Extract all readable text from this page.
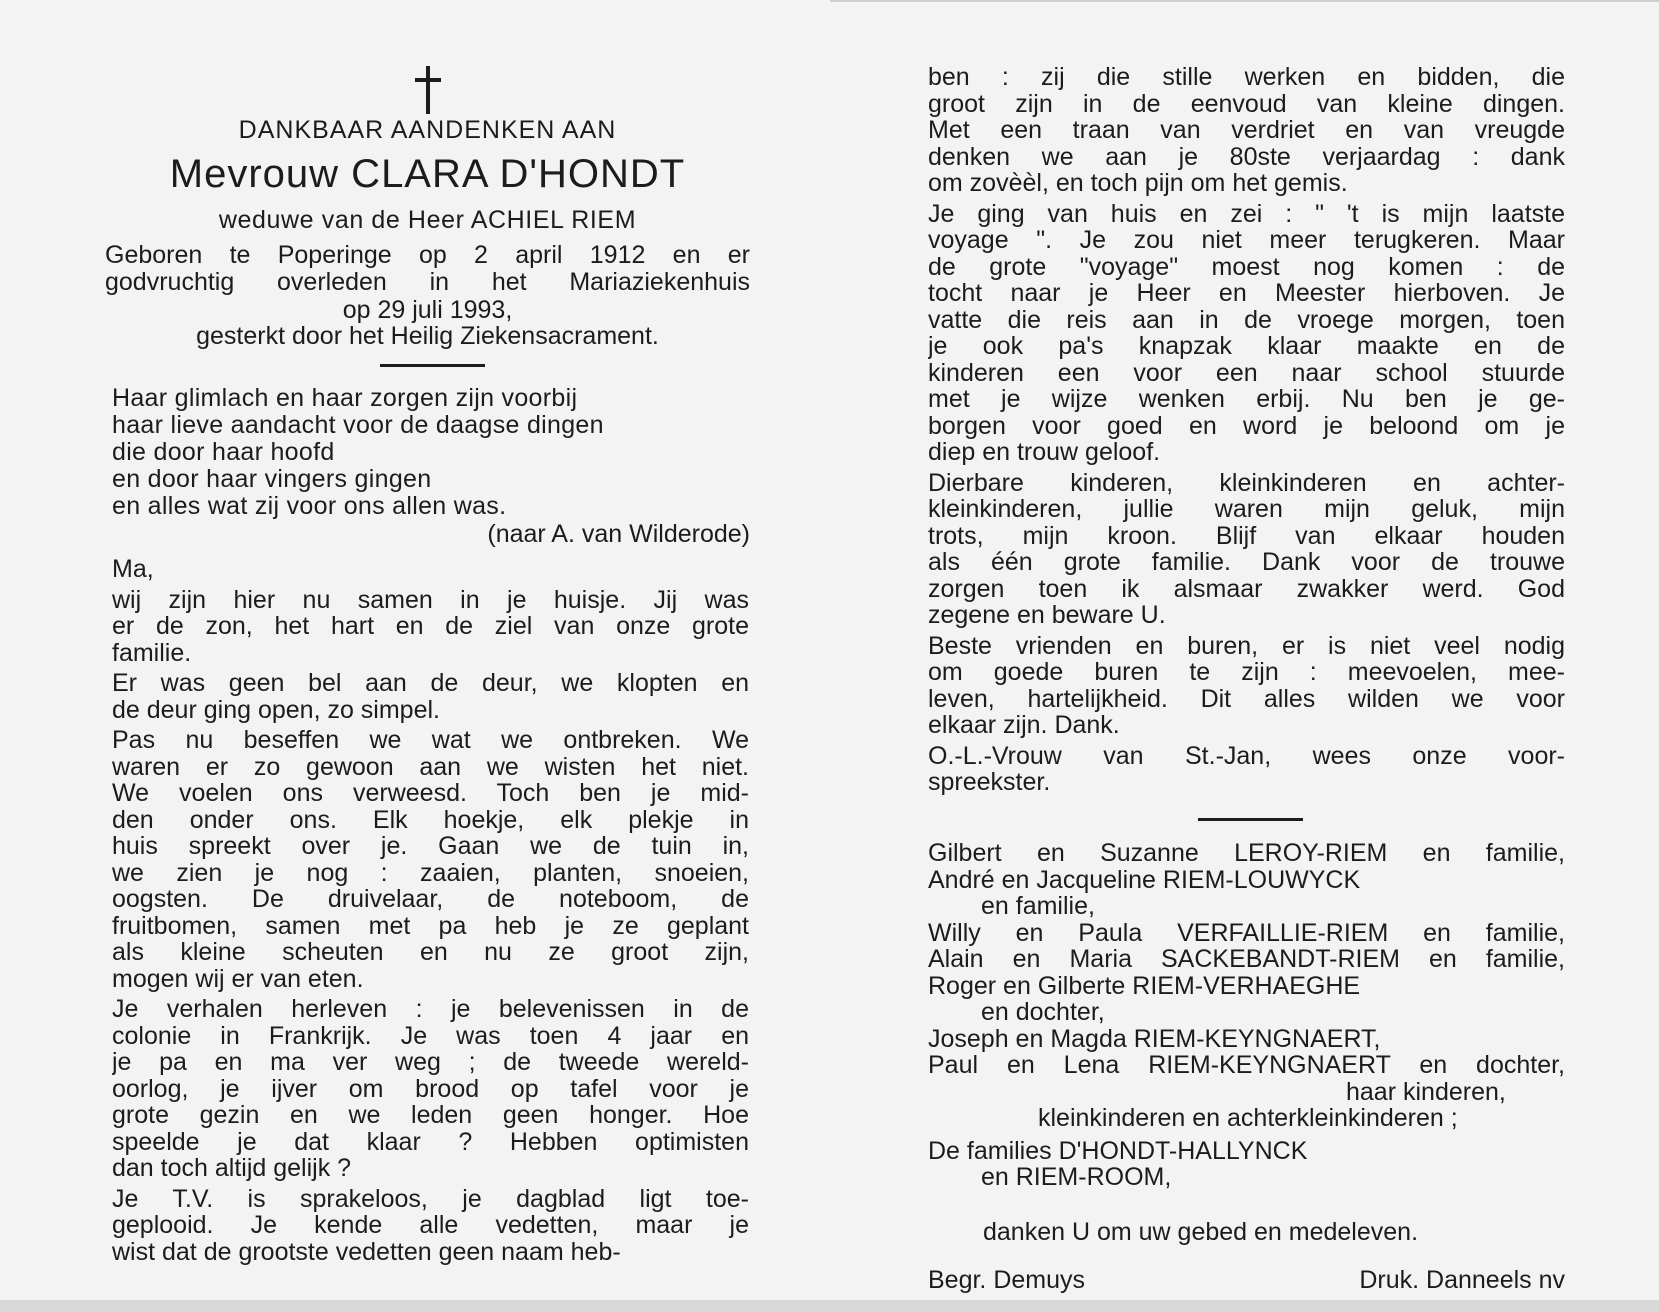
DANKBAAR AANDENKEN AAN
Mevrouw CLARA D'HONDT
weduwe van de Heer ACHIEL RIEM
Geboren te Poperinge op 2 april 1912 en er
godvruchtig overleden in het Mariaziekenhuis
op 29 juli 1993,
gesterkt door het Heilig Ziekensacrament.
Haar glimlach en haar zorgen zijn voorbij
haar lieve aandacht voor de daagse dingen
die door haar hoofd
en door haar vingers gingen
en alles wat zij voor ons allen was.
(naar A. van Wilderode)
Ma,
wij zijn hier nu samen in je huisje. Jij was
er de zon, het hart en de ziel van onze grote
familie.
Er was geen bel aan de deur, we klopten en
de deur ging open, zo simpel.
Pas nu beseffen we wat we ontbreken. We
waren er zo gewoon aan we wisten het niet.
We voelen ons verweesd. Toch ben je mid-
den onder ons. Elk hoekje, elk plekje in
huis spreekt over je. Gaan we de tuin in,
we zien je nog : zaaien, planten, snoeien,
oogsten. De druivelaar, de noteboom, de
fruitbomen, samen met pa heb je ze geplant
als kleine scheuten en nu ze groot zijn,
mogen wij er van eten.
Je verhalen herleven : je belevenissen in de
colonie in Frankrijk. Je was toen 4 jaar en
je pa en ma ver weg ; de tweede wereld-
oorlog, je ijver om brood op tafel voor je
grote gezin en we leden geen honger. Hoe
speelde je dat klaar ? Hebben optimisten
dan toch altijd gelijk ?
Je T.V. is sprakeloos, je dagblad ligt toe-
geplooid. Je kende alle vedetten, maar je
wist dat de grootste vedetten geen naam heb-
ben : zij die stille werken en bidden, die
groot zijn in de eenvoud van kleine dingen.
Met een traan van verdriet en van vreugde
denken we aan je 80ste verjaardag : dank
om zovèèl, en toch pijn om het gemis.
Je ging van huis en zei : " 't is mijn laatste
voyage ". Je zou niet meer terugkeren. Maar
de grote "voyage" moest nog komen : de
tocht naar je Heer en Meester hierboven. Je
vatte die reis aan in de vroege morgen, toen
je ook pa's knapzak klaar maakte en de
kinderen een voor een naar school stuurde
met je wijze wenken erbij. Nu ben je ge-
borgen voor goed en word je beloond om je
diep en trouw geloof.
Dierbare kinderen, kleinkinderen en achter-
kleinkinderen, jullie waren mijn geluk, mijn
trots, mijn kroon. Blijf van elkaar houden
als één grote familie. Dank voor de trouwe
zorgen toen ik alsmaar zwakker werd. God
zegene en beware U.
Beste vrienden en buren, er is niet veel nodig
om goede buren te zijn : meevoelen, mee-
leven, hartelijkheid. Dit alles wilden we voor
elkaar zijn. Dank.
O.-L.-Vrouw van St.-Jan, wees onze voor-
spreekster.
Gilbert en Suzanne LEROY-RIEM en familie,
André en Jacqueline RIEM-LOUWYCK
en familie,
Willy en Paula VERFAILLIE-RIEM en familie,
Alain en Maria SACKEBANDT-RIEM en familie,
Roger en Gilberte RIEM-VERHAEGHE
en dochter,
Joseph en Magda RIEM-KEYNGNAERT,
Paul en Lena RIEM-KEYNGNAERT en dochter,
haar kinderen,
kleinkinderen en achterkleinkinderen ;
De families D'HONDT-HALLYNCK
en RIEM-ROOM,
danken U om uw gebed en medeleven.
Begr. Demuys	Druk. Danneels nv
